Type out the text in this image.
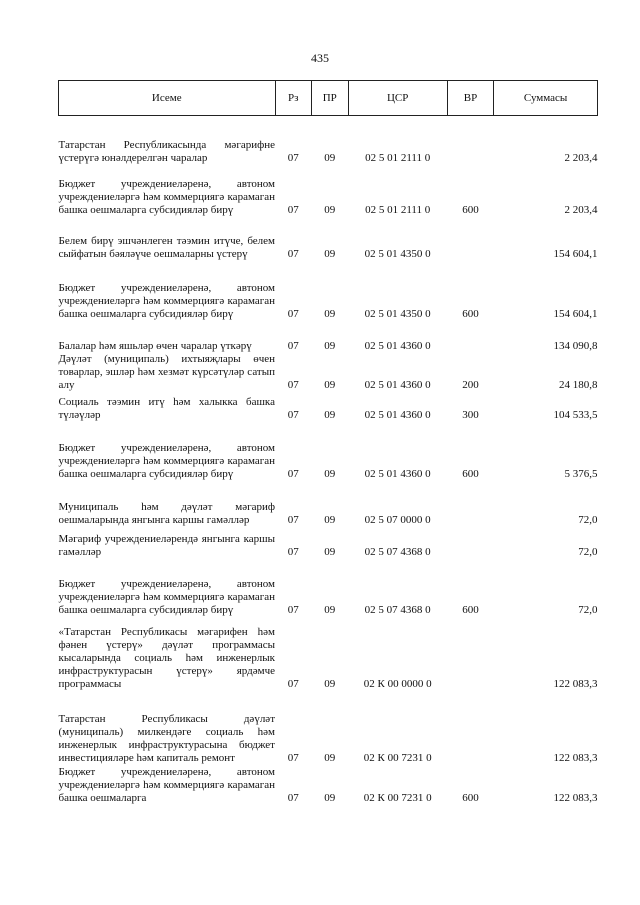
435
Исеме	Рз	ПР	ЦСР	ВР	Суммасы
Татарстан Республикасында мәгарифне үстерүгә юнәлдерелгән чаралар	07	09	02 5 01 2111 0		2 203,4
Бюджет учреждениеләренә, автоном учреждениеләргә һәм коммерциягә карамаган башка оешмаларга субсидияләр бирү	07	09	02 5 01 2111 0	600	2 203,4
Белем бирү эшчәнлеген тәэмин итүче, белем сыйфатын бәяләүче оешмаларны үстерү	07	09	02 5 01 4350 0		154 604,1
Бюджет учреждениеләренә, автоном учреждениеләргә һәм коммерциягә карамаган башка оешмаларга субсидияләр бирү	07	09	02 5 01 4350 0	600	154 604,1
Балалар һәм яшьләр өчен чаралар үткәрү	07	09	02 5 01 4360 0		134 090,8
Дәүләт (муниципаль) ихтыяҗлары өчен товарлар, эшләр һәм хезмәт күрсәтүләр сатып алу	07	09	02 5 01 4360 0	200	24 180,8
Социаль тәэмин итү һәм халыкка башка түләүләр	07	09	02 5 01 4360 0	300	104 533,5
Бюджет учреждениеләренә, автоном учреждениеләргә һәм коммерциягә карамаган башка оешмаларга субсидияләр бирү	07	09	02 5 01 4360 0	600	5 376,5
Муниципаль һәм дәүләт мәгариф оешмаларында янгынга каршы гамәлләр	07	09	02 5 07 0000 0		72,0
Мәгариф учреждениеләрендә янгынга каршы гамәлләр	07	09	02 5 07 4368 0		72,0
Бюджет учреждениеләренә, автоном учреждениеләргә һәм коммерциягә карамаган башка оешмаларга субсидияләр бирү	07	09	02 5 07 4368 0	600	72,0
«Татарстан Республикасы мәгарифен һәм фәнен үстерү» дәүләт программасы кысаларында социаль һәм инженерлык инфраструктурасын үстерү» ярдәмче программасы	07	09	02 К 00 0000 0		122 083,3
Татарстан Республикасы дәүләт (муниципаль) милкендәге социаль һәм инженерлык инфраструктурасына бюджет инвестицияләре һәм капиталь ремонт	07	09	02 К 00 7231 0		122 083,3
Бюджет учреждениеләренә, автоном учреждениеләргә һәм коммерциягә карамаган башка оешмаларга	07	09	02 К 00 7231 0	600	122 083,3
